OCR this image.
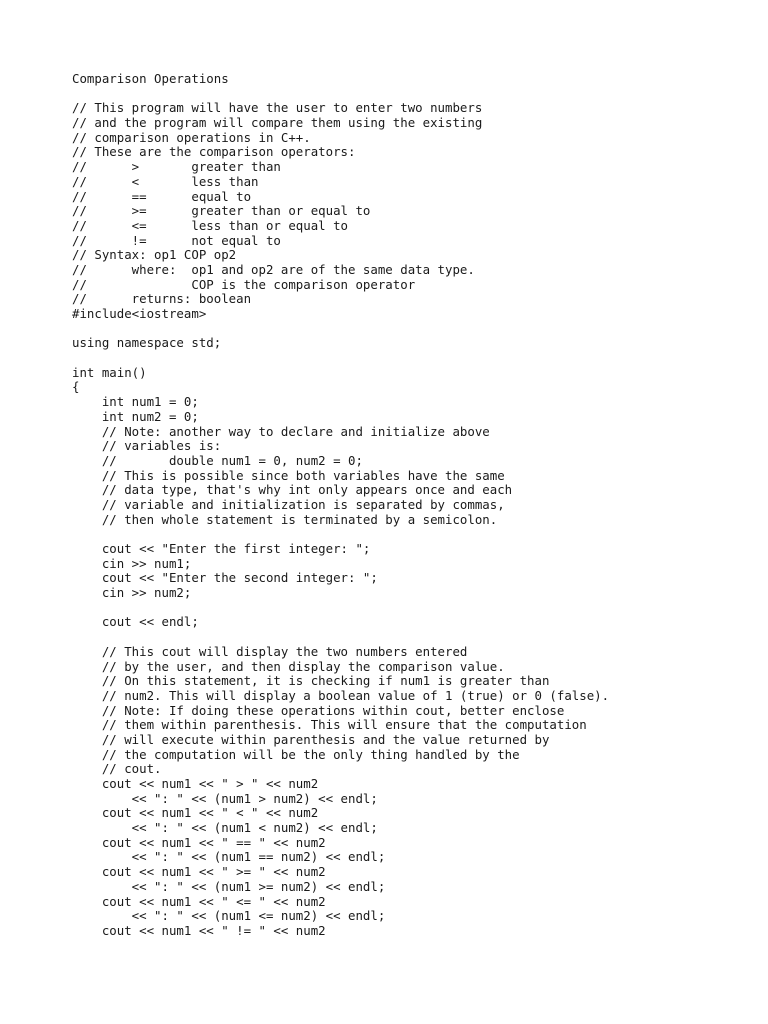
Comparison Operations
// This program will have the user to enter two numbers
// and the program will compare them using the existing
// comparison operations in C++.
// These are the comparison operators:
//      >       greater than
//      <       less than
//      ==      equal to
//      >=      greater than or equal to
//      <=      less than or equal to
//      !=      not equal to
// Syntax: op1 COP op2
//      where:  op1 and op2 are of the same data type.
//              COP is the comparison operator
//      returns: boolean
#include<iostream>
using namespace std;
int main()
{
int num1 = 0;
int num2 = 0;
// Note: another way to declare and initialize above
// variables is:
//       double num1 = 0, num2 = 0;
// This is possible since both variables have the same
// data type, that's why int only appears once and each
// variable and initialization is separated by commas,
// then whole statement is terminated by a semicolon.
cout << "Enter the first integer: ";
cin >> num1;
cout << "Enter the second integer: ";
cin >> num2;
cout << endl;
// This cout will display the two numbers entered
// by the user, and then display the comparison value.
// On this statement, it is checking if num1 is greater than
// num2. This will display a boolean value of 1 (true) or 0 (false).
// Note: If doing these operations within cout, better enclose
// them within parenthesis. This will ensure that the computation
// will execute within parenthesis and the value returned by
// the computation will be the only thing handled by the
// cout.
cout << num1 << " > " << num2
<< ": " << (num1 > num2) << endl;
cout << num1 << " < " << num2
<< ": " << (num1 < num2) << endl;
cout << num1 << " == " << num2
<< ": " << (num1 == num2) << endl;
cout << num1 << " >= " << num2
<< ": " << (num1 >= num2) << endl;
cout << num1 << " <= " << num2
<< ": " << (num1 <= num2) << endl;
cout << num1 << " != " << num2
